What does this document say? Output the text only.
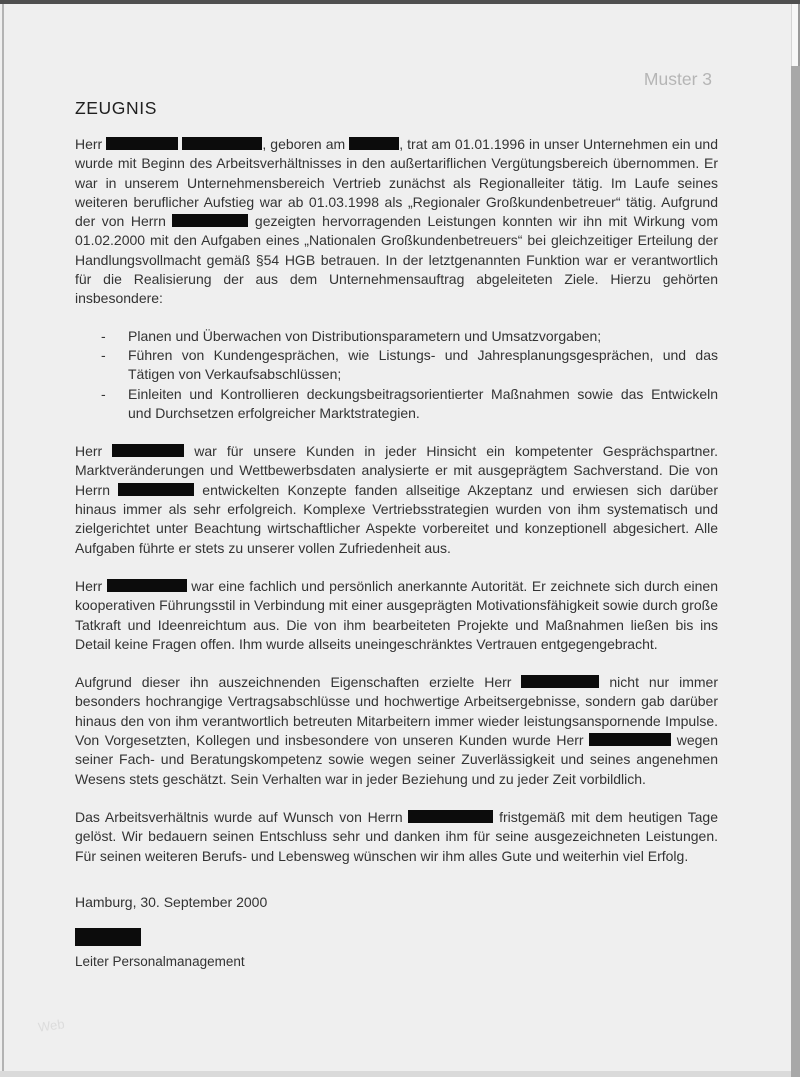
Muster 3
ZEUGNIS

Herr	, geboren am	, trat am 01.01.1996 in unser Unternehmen ein und wurde mit Beginn des Arbeitsverhältnisses in den außertariflichen Vergütungsbereich übernommen. Er war in unserem Unternehmensbereich Vertrieb zunächst als Regionalleiter tätig. Im Laufe seines weiteren beruflicher Aufstieg war ab 01.03.1998 als „Regionaler Großkundenbetreuer“ tätig. Aufgrund der von Herrn	gezeigten hervorragenden Leistungen konnten wir ihn mit Wirkung vom 01.02.2000 mit den Aufgaben eines „Nationalen Großkundenbetreuers“ bei gleichzeitiger Erteilung der Handlungsvollmacht gemäß §54 HGB betrauen. In der letztgenannten Funktion war er verantwortlich für die Realisierung der aus dem Unternehmensauftrag abgeleiteten Ziele. Hierzu gehörten insbesondere:

-	Planen und Überwachen von Distributionsparametern und Umsatzvorgaben;
-	Führen von Kundengesprächen, wie Listungs- und Jahresplanungsgesprächen, und das Tätigen von Verkaufsabschlüssen;
-	Einleiten und Kontrollieren deckungsbeitragsorientierter Maßnahmen sowie das Entwickeln und Durchsetzen erfolgreicher Marktstrategien.

Herr	war für unsere Kunden in jeder Hinsicht ein kompetenter Gesprächspartner. Marktveränderungen und Wettbewerbsdaten analysierte er mit ausgeprägtem Sachverstand. Die von Herrn	entwickelten Konzepte fanden allseitige Akzeptanz und erwiesen sich darüber hinaus immer als sehr erfolgreich. Komplexe Vertriebsstrategien wurden von ihm systematisch und zielgerichtet unter Beachtung wirtschaftlicher Aspekte vorbereitet und konzeptionell abgesichert. Alle Aufgaben führte er stets zu unserer vollen Zufriedenheit aus.

Herr	war eine fachlich und persönlich anerkannte Autorität. Er zeichnete sich durch einen kooperativen Führungsstil in Verbindung mit einer ausgeprägten Motivationsfähigkeit sowie durch große Tatkraft und Ideenreichtum aus. Die von ihm bearbeiteten Projekte und Maßnahmen ließen bis ins Detail keine Fragen offen. Ihm wurde allseits uneingeschränktes Vertrauen entgegengebracht.

Aufgrund dieser ihn auszeichnenden Eigenschaften erzielte Herr	nicht nur immer besonders hochrangige Vertragsabschlüsse und hochwertige Arbeitsergebnisse, sondern gab darüber hinaus den von ihm verantwortlich betreuten Mitarbeitern immer wieder leistungsanspornende Impulse. Von Vorgesetzten, Kollegen und insbesondere von unseren Kunden wurde Herr	wegen seiner Fach- und Beratungskompetenz sowie wegen seiner Zuverlässigkeit und seines angenehmen Wesens stets geschätzt. Sein Verhalten war in jeder Beziehung und zu jeder Zeit vorbildlich.

Das Arbeitsverhältnis wurde auf Wunsch von Herrn	fristgemäß mit dem heutigen Tage gelöst. Wir bedauern seinen Entschluss sehr und danken ihm für seine ausgezeichneten Leistungen. Für seinen weiteren Berufs- und Lebensweg wünschen wir ihm alles Gute und weiterhin viel Erfolg.

Hamburg, 30. September 2000

Leiter Personalmanagement
Web
